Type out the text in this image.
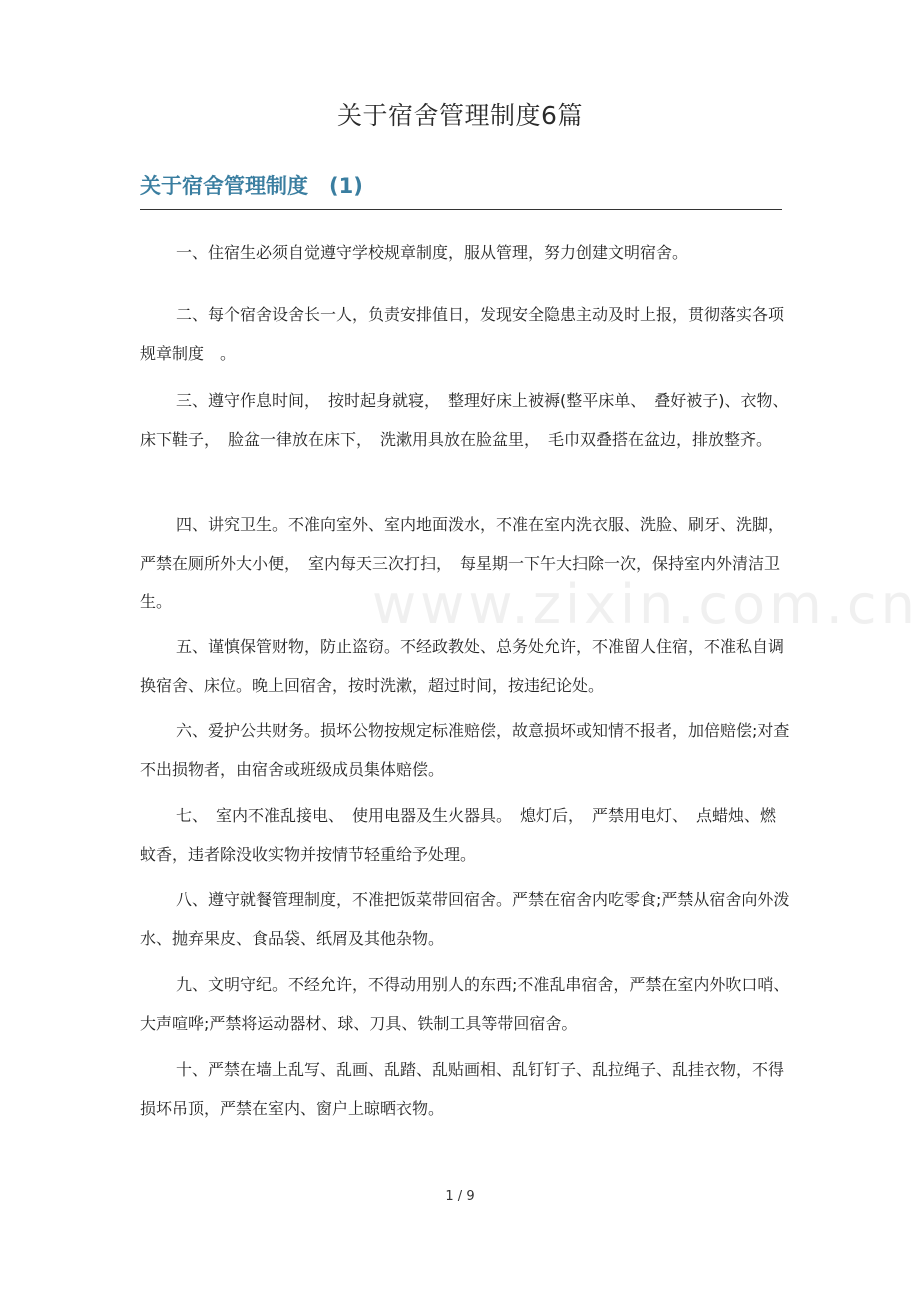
关于宿舍管理制度6篇
关于宿舍管理制度　(1)
www.zixin.com.cn

一、住宿生必须自觉遵守学校规章制度，服从管理，努力创建文明宿舍。

二、每个宿舍设舍长一人，负责安排值日，发现安全隐患主动及时上报，贯彻落实各项规章制度　。

三、遵守作息时间，　按时起身就寝，　整理好床上被褥(整平床单、　叠好被子)、衣物、　床下鞋子，　脸盆一律放在床下，　洗漱用具放在脸盆里，　毛巾双叠搭在盆边，排放整齐。

四、讲究卫生。不准向室外、室内地面泼水，不准在室内洗衣服、洗脸、刷牙、洗脚，　严禁在厕所外大小便，　室内每天三次打扫，　每星期一下午大扫除一次，保持室内外清洁卫生。

五、谨慎保管财物，防止盗窃。不经政教处、总务处允许，不准留人住宿，不准私自调换宿舍、床位。晚上回宿舍，按时洗漱，超过时间，按违纪论处。

六、爱护公共财务。损坏公物按规定标准赔偿，故意损坏或知情不报者，加倍赔偿;对查不出损物者，由宿舍或班级成员集体赔偿。

七、　室内不准乱接电、　使用电器及生火器具。　熄灯后，　严禁用电灯、　点蜡烛、燃蚊香，违者除没收实物并按情节轻重给予处理。

八、遵守就餐管理制度，不准把饭菜带回宿舍。严禁在宿舍内吃零食;严禁从宿舍向外泼水、抛弃果皮、食品袋、纸屑及其他杂物。

九、文明守纪。不经允许，不得动用别人的东西;不准乱串宿舍，严禁在室内外吹口哨、大声喧哗;严禁将运动器材、球、刀具、铁制工具等带回宿舍。

十、严禁在墙上乱写、乱画、乱踏、乱贴画相、乱钉钉子、乱拉绳子、乱挂衣物，不得损坏吊顶，严禁在室内、窗户上晾晒衣物。

1 / 9
